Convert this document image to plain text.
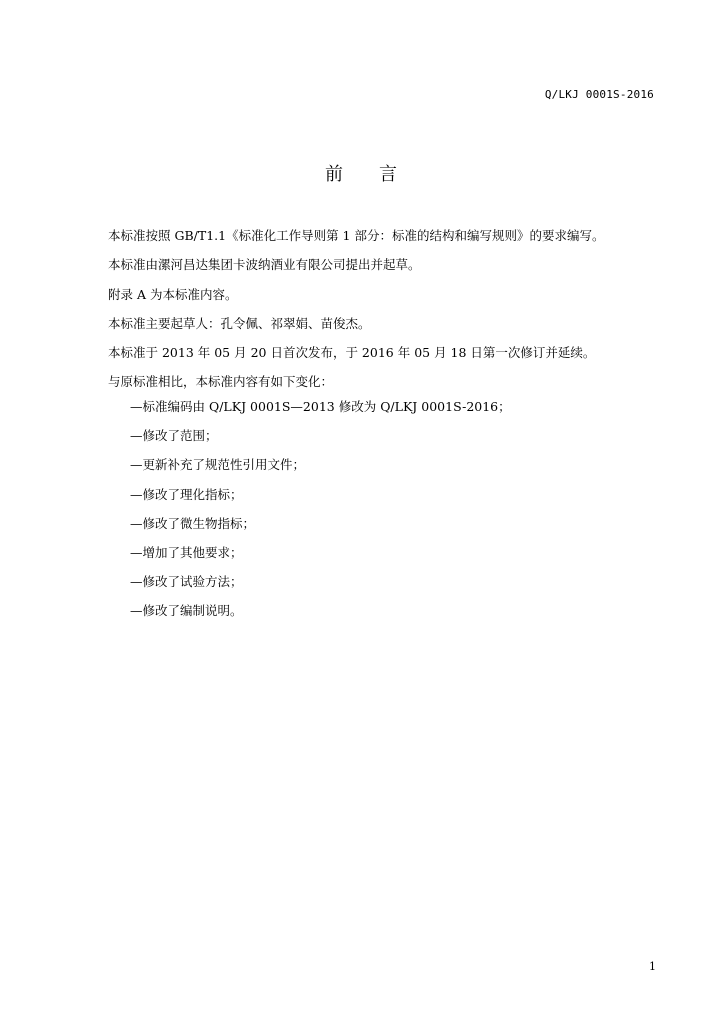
Q/LKJ 0001S-2016
前 言
本标准按照 GB/T1.1《标准化工作导则第 1 部分：标准的结构和编写规则》的要求编写。
本标准由漯河昌达集团卡波纳酒业有限公司提出并起草。
附录 A 为本标准内容。
本标准主要起草人：孔令佩、祁翠娟、苗俊杰。
本标准于 2013 年 05 月 20 日首次发布，于 2016 年 05 月 18 日第一次修订并延续。
与原标准相比，本标准内容有如下变化：
—标准编码由 Q/LKJ 0001S—2013 修改为 Q/LKJ 0001S-2016；
—修改了范围；
—更新补充了规范性引用文件；
—修改了理化指标；
—修改了微生物指标；
—增加了其他要求；
—修改了试验方法；
—修改了编制说明。
1
